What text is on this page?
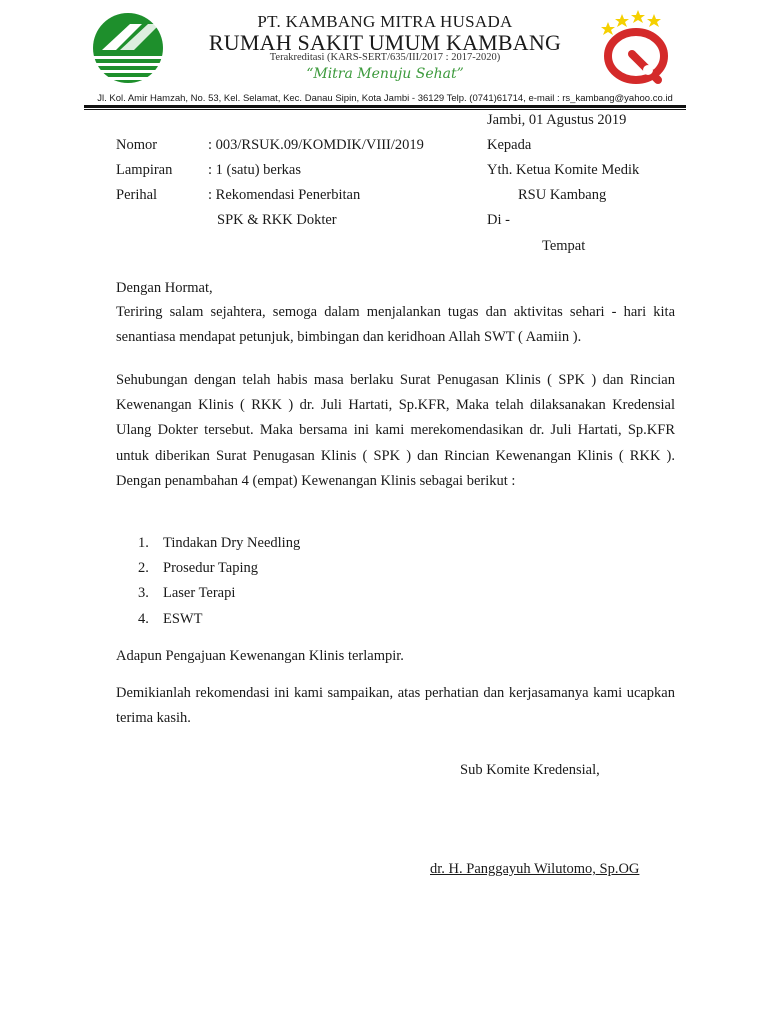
PT. KAMBANG MITRA HUSADA
RUMAH SAKIT UMUM KAMBANG
Terakreditasi (KARS-SERT/635/III/2017 : 2017-2020)
“Mitra Menuju Sehat”
Jl. Kol. Amir Hamzah, No. 53, Kel. Selamat, Kec. Danau Sipin, Kota Jambi - 36129 Telp. (0741)61714, e-mail : rs_kambang@yahoo.co.id
Jambi, 01 Agustus 2019
Nomor	: 003/RSUK.09/KOMDIK/VIII/2019	Kepada
Lampiran : 1 (satu) berkas	Yth. Ketua Komite Medik
Perihal	: Rekomendasi Penerbitan	RSU Kambang
SPK & RKK Dokter	Di -
Tempat
Dengan Hormat,

Teriring salam sejahtera, semoga dalam menjalankan tugas dan aktivitas sehari - hari kita senantiasa mendapat petunjuk, bimbingan dan keridhoan Allah SWT ( Aamiin ).

Sehubungan dengan telah habis masa berlaku Surat Penugasan Klinis ( SPK ) dan Rincian Kewenangan Klinis ( RKK ) dr. Juli Hartati, Sp.KFR, Maka telah dilaksanakan Kredensial Ulang Dokter tersebut. Maka bersama ini kami merekomendasikan dr. Juli Hartati, Sp.KFR untuk diberikan Surat Penugasan Klinis ( SPK ) dan Rincian Kewenangan Klinis ( RKK ). Dengan penambahan 4 (empat) Kewenangan Klinis sebagai berikut :

1. Tindakan Dry Needling
2. Prosedur Taping
3. Laser Terapi
4. ESWT
Adapun Pengajuan Kewenangan Klinis terlampir.

Demikianlah rekomendasi ini kami sampaikan, atas perhatian dan kerjasamanya kami ucapkan terima kasih.

Sub Komite Kredensial,
dr. H. Panggayuh Wilutomo, Sp.OG
